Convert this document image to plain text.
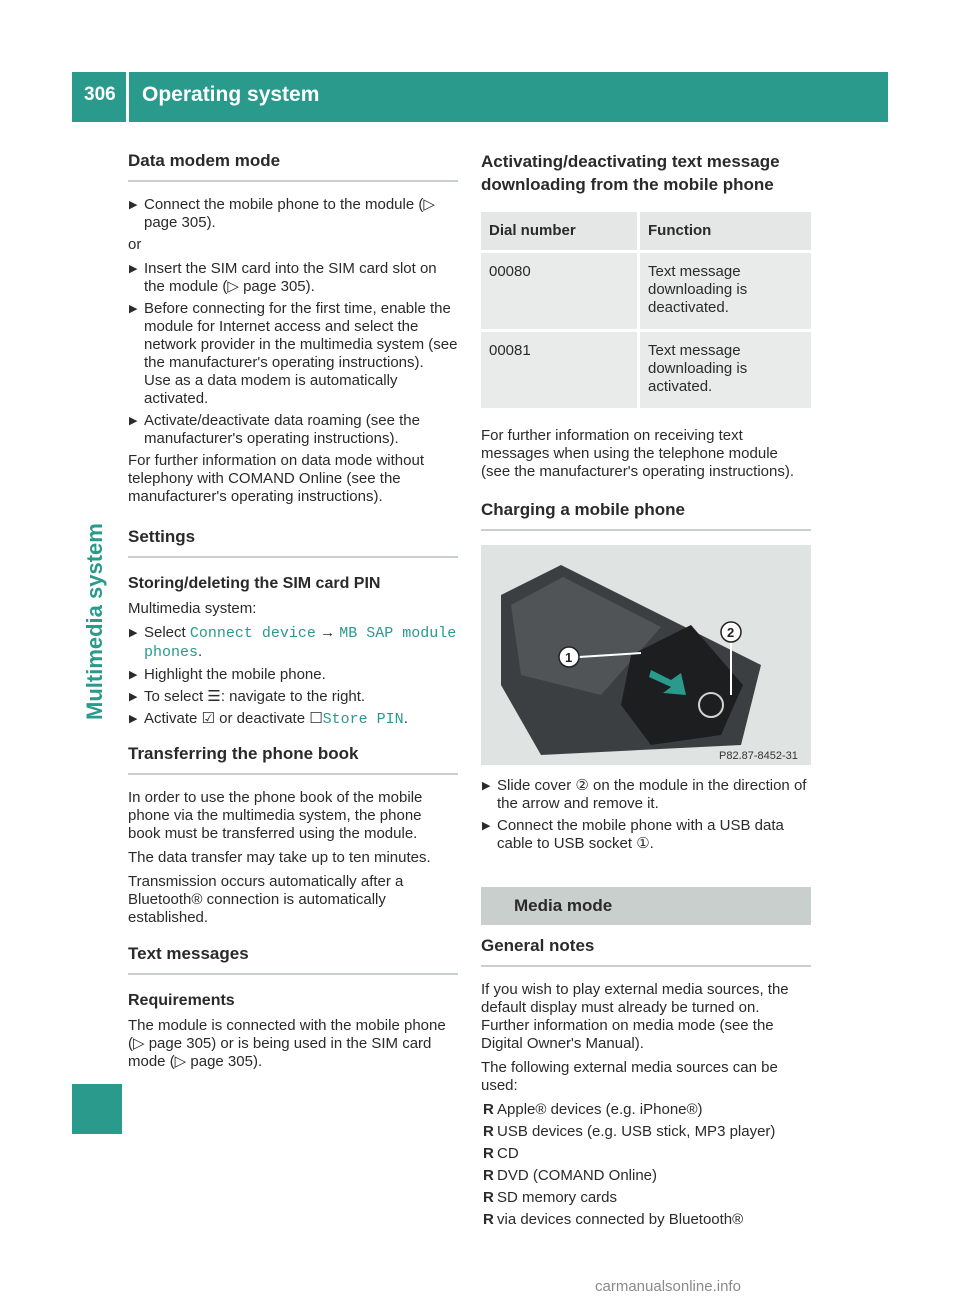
306 Operating system
Multimedia system
Data modem mode
▶ Connect the mobile phone to the module (▷ page 305).

or

▶ Insert the SIM card into the SIM card slot on the module (▷ page 305).
▶ Before connecting for the first time, enable the module for Internet access and select the network provider in the multimedia system (see the manufacturer's operating instructions).
Use as a data modem is automatically activated.
▶ Activate/deactivate data roaming (see the manufacturer's operating instructions).

For further information on data mode without telephony with COMAND Online (see the manufacturer's operating instructions).

Settings
Storing/deleting the SIM card PIN

Multimedia system:

▶ Select Connect device → MB SAP module phones.
▶ Highlight the mobile phone.
▶ To select ☰: navigate to the right.
▶ Activate ☑ or deactivate ☐Store PIN.
Transferring the phone book

In order to use the phone book of the mobile phone via the multimedia system, the phone book must be transferred using the module.

The data transfer may take up to ten minutes.

Transmission occurs automatically after a Bluetooth® connection is automatically established.

Text messages
Requirements

The module is connected with the mobile phone (▷ page 305) or is being used in the SIM card mode (▷ page 305).

Activating/deactivating text message downloading from the mobile phone
Dial number	Function
00080	Text message downloading is deactivated.
00081	Text message downloading is activated.

For further information on receiving text messages when using the telephone module (see the manufacturer's operating instructions).

Charging a mobile phone
1
2
P82.87-8452-31
▶ Slide cover ② on the module in the direction of the arrow and remove it.
▶ Connect the mobile phone with a USB data cable to USB socket ①.
Media mode
General notes

If you wish to play external media sources, the default display must already be turned on. Further information on media mode (see the Digital Owner's Manual).

The following external media sources can be used:

R Apple® devices (e.g. iPhone®)
R USB devices (e.g. USB stick, MP3 player)
R CD
R DVD (COMAND Online)
R SD memory cards
R via devices connected by Bluetooth®
carmanualsonline.info
